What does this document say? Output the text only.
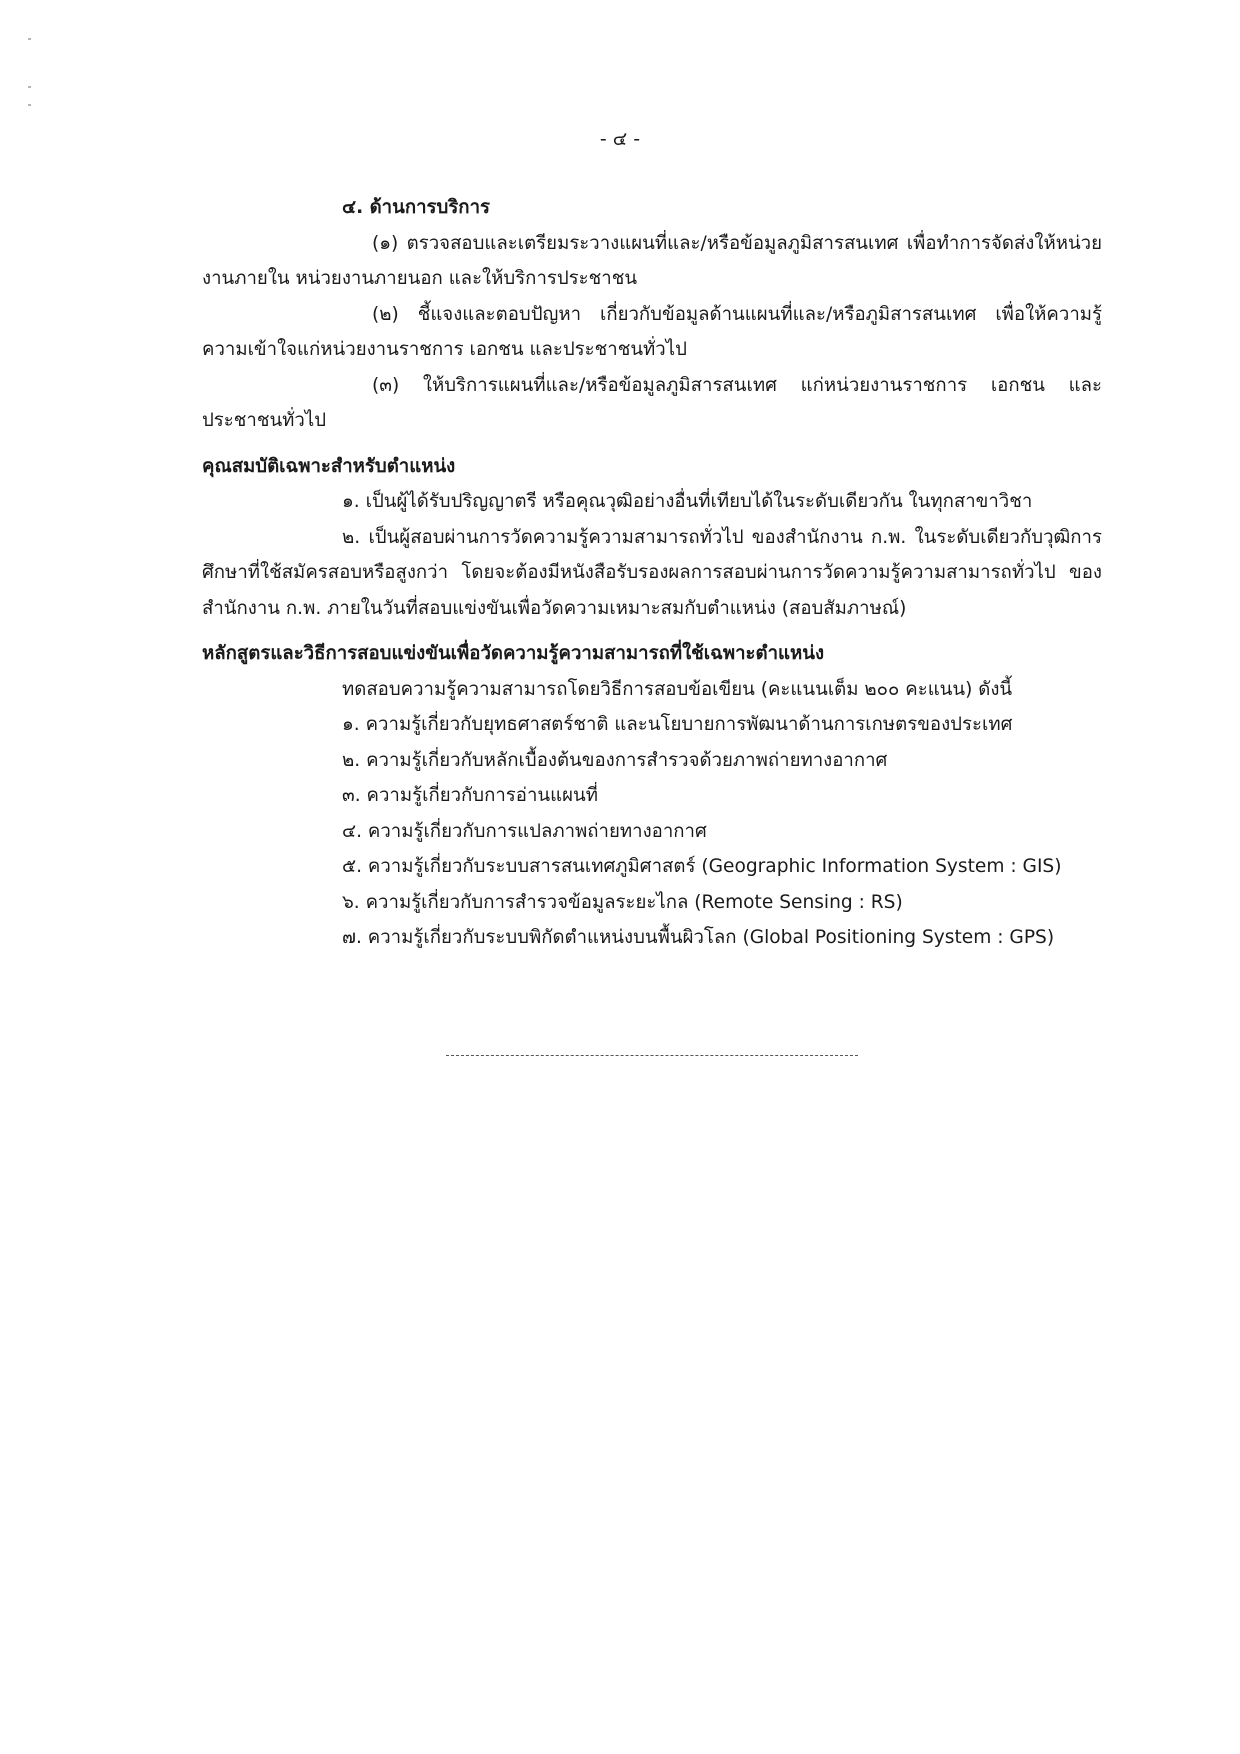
- ๔ -
๔. ด้านการบริการ
(๑) ตรวจสอบและเตรียมระวางแผนที่และ/หรือข้อมูลภูมิสารสนเทศ เพื่อทำการจัดส่งให้หน่วยงานภายใน หน่วยงานภายนอก และให้บริการประชาชน
(๒) ชี้แจงและตอบปัญหา เกี่ยวกับข้อมูลด้านแผนที่และ/หรือภูมิสารสนเทศ เพื่อให้ความรู้ความเข้าใจแก่หน่วยงานราชการ เอกชน และประชาชนทั่วไป
(๓) ให้บริการแผนที่และ/หรือข้อมูลภูมิสารสนเทศ แก่หน่วยงานราชการ เอกชน และประชาชนทั่วไป
คุณสมบัติเฉพาะสำหรับตำแหน่ง
๑. เป็นผู้ได้รับปริญญาตรี หรือคุณวุฒิอย่างอื่นที่เทียบได้ในระดับเดียวกัน ในทุกสาขาวิชา
๒. เป็นผู้สอบผ่านการวัดความรู้ความสามารถทั่วไป ของสำนักงาน ก.พ. ในระดับเดียวกับวุฒิการศึกษาที่ใช้สมัครสอบหรือสูงกว่า โดยจะต้องมีหนังสือรับรองผลการสอบผ่านการวัดความรู้ความสามารถทั่วไป ของสำนักงาน ก.พ. ภายในวันที่สอบแข่งขันเพื่อวัดความเหมาะสมกับตำแหน่ง (สอบสัมภาษณ์)
หลักสูตรและวิธีการสอบแข่งขันเพื่อวัดความรู้ความสามารถที่ใช้เฉพาะตำแหน่ง
ทดสอบความรู้ความสามารถโดยวิธีการสอบข้อเขียน (คะแนนเต็ม ๒๐๐ คะแนน) ดังนี้
๑. ความรู้เกี่ยวกับยุทธศาสตร์ชาติ และนโยบายการพัฒนาด้านการเกษตรของประเทศ
๒. ความรู้เกี่ยวกับหลักเบื้องต้นของการสำรวจด้วยภาพถ่ายทางอากาศ
๓. ความรู้เกี่ยวกับการอ่านแผนที่
๔. ความรู้เกี่ยวกับการแปลภาพถ่ายทางอากาศ
๕. ความรู้เกี่ยวกับระบบสารสนเทศภูมิศาสตร์ (Geographic Information System : GIS)
๖. ความรู้เกี่ยวกับการสำรวจข้อมูลระยะไกล (Remote Sensing : RS)
๗. ความรู้เกี่ยวกับระบบพิกัดตำแหน่งบนพื้นผิวโลก (Global Positioning System : GPS)
